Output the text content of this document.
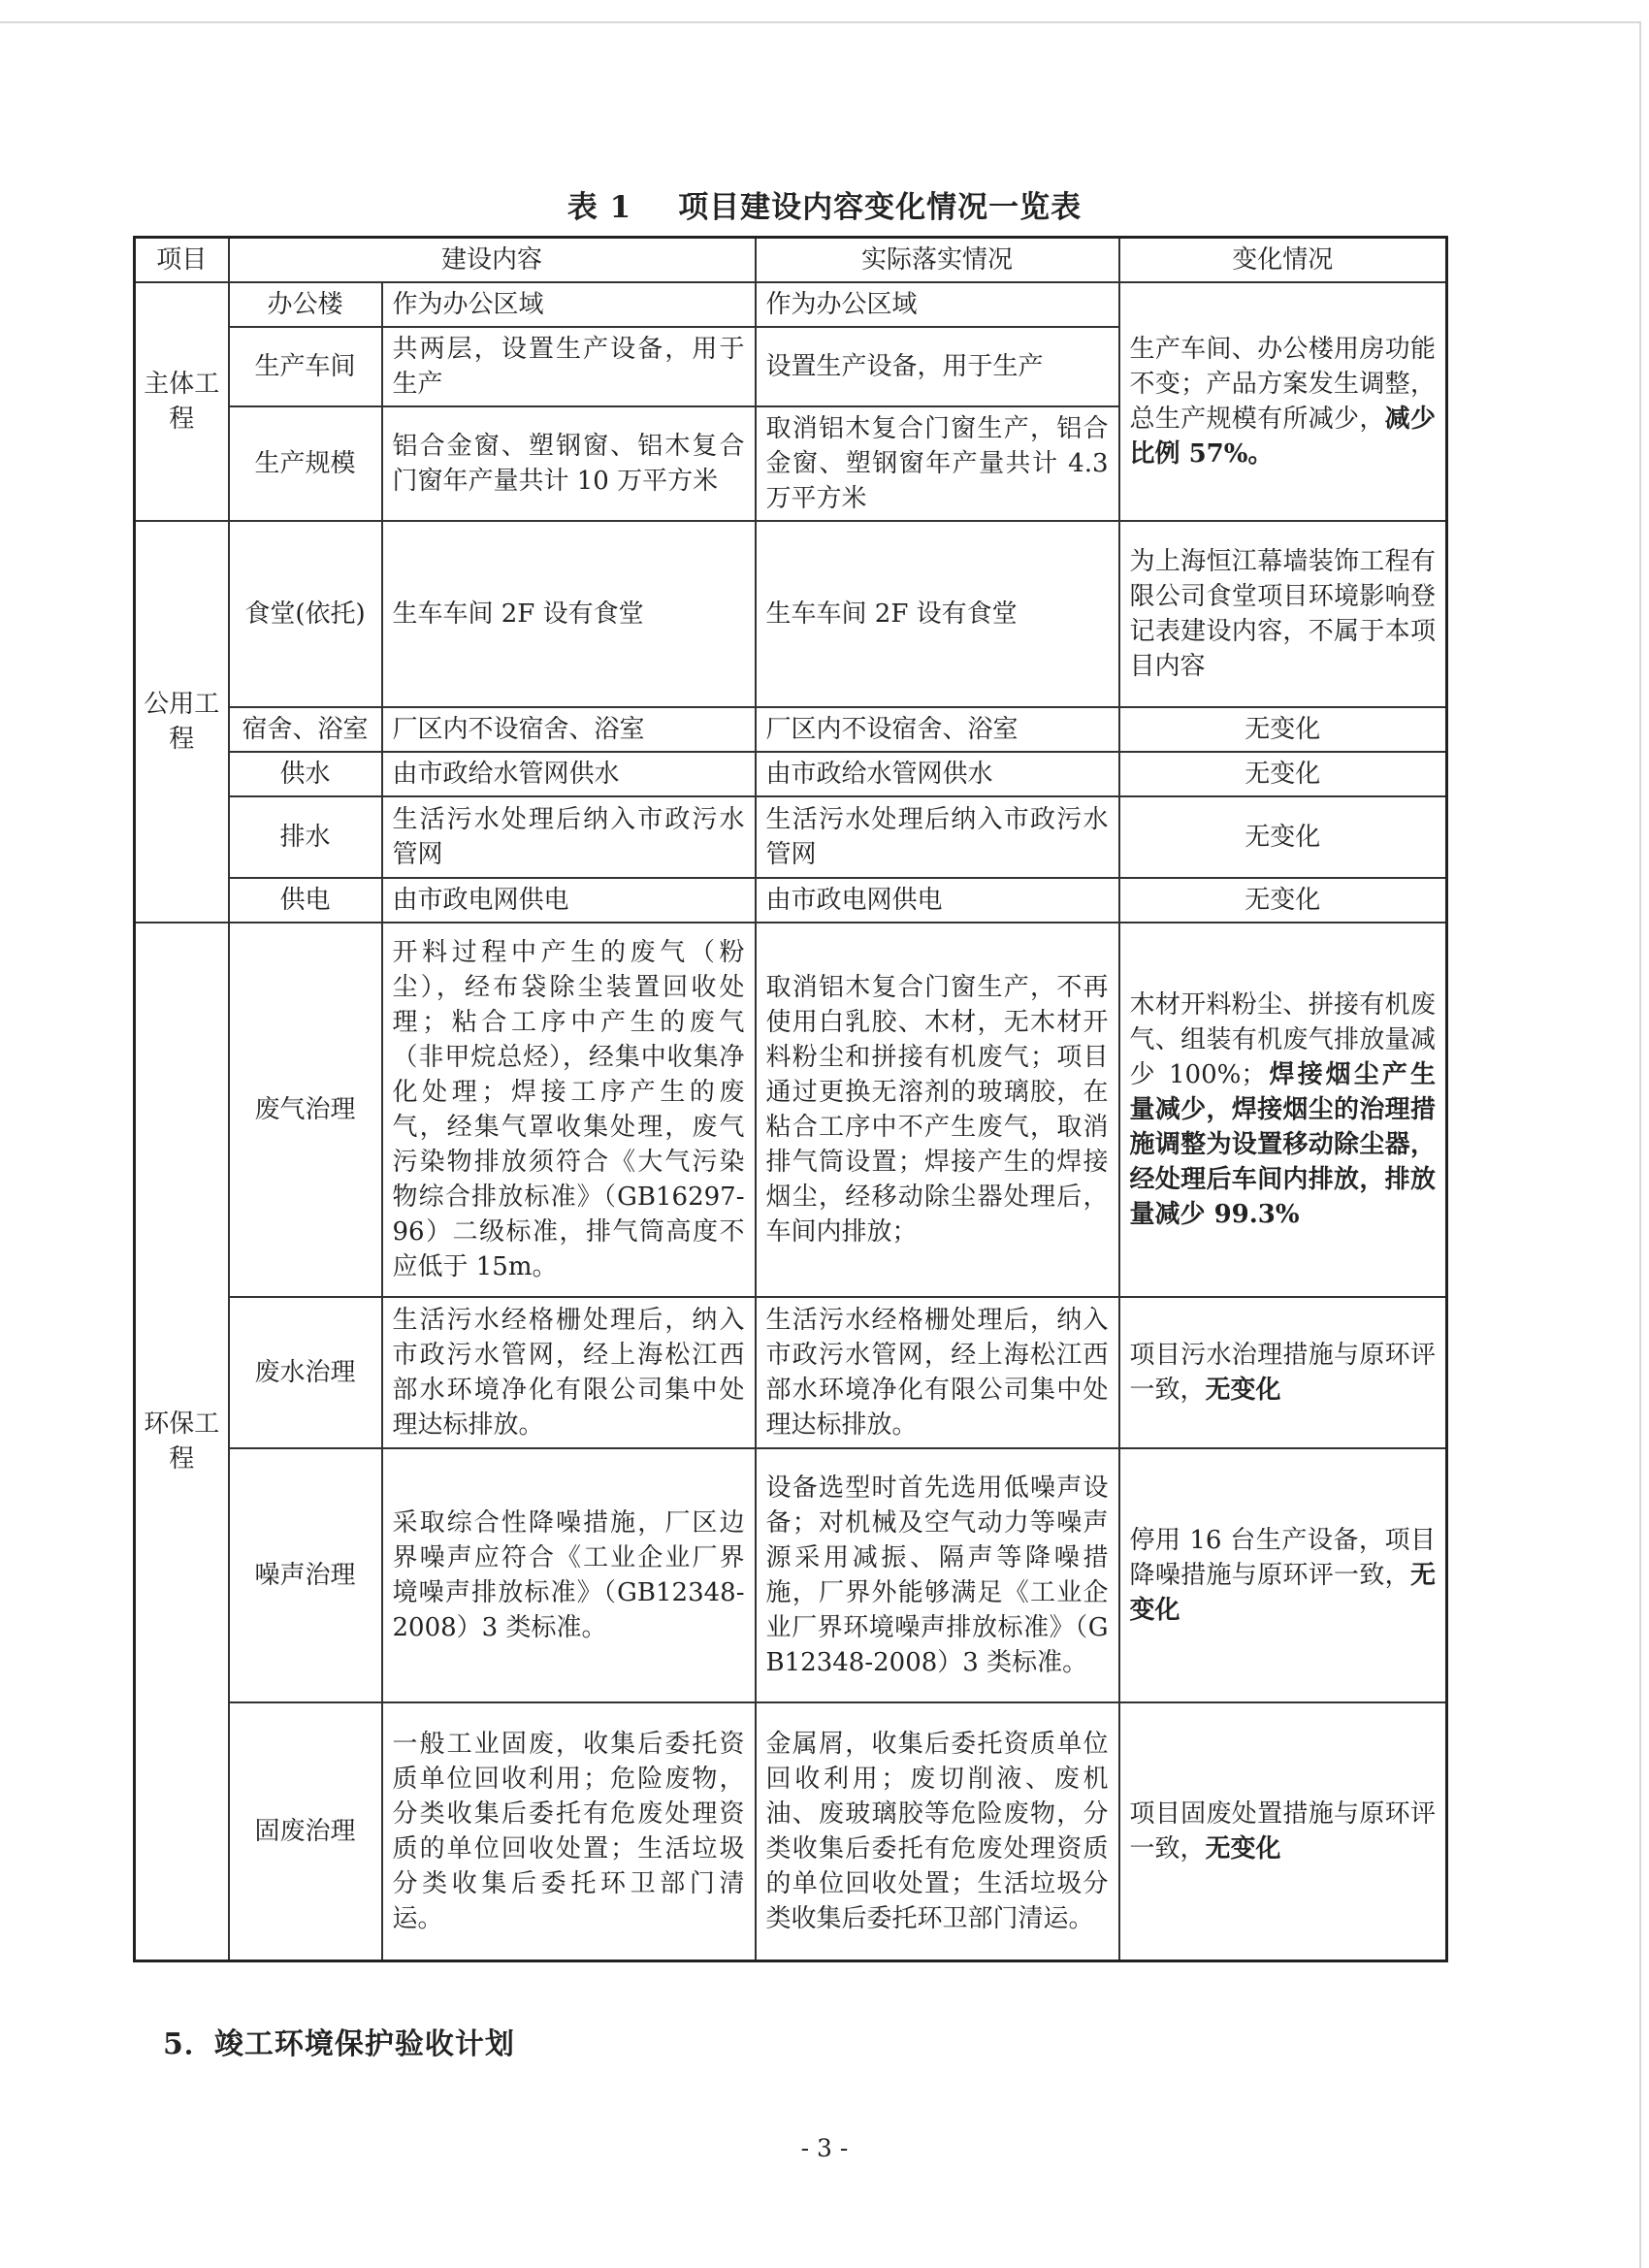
表 1 项目建设内容变化情况一览表
项目	建设内容		实际落实情况	变化情况
主体工程	办公楼	作为办公区域	作为办公区域	生产车间、办公楼用房功能不变；产品方案发生调整，总生产规模有所减少，减少比例 57%。
	生产车间	共两层，设置生产设备，用于生产	设置生产设备，用于生产	
	生产规模	铝合金窗、塑钢窗、铝木复合门窗年产量共计 10 万平方米	取消铝木复合门窗生产，铝合金窗、塑钢窗年产量共计 4.3 万平方米	
公用工程	食堂(依托)	生车车间 2F 设有食堂	生车车间 2F 设有食堂	为上海恒江幕墙装饰工程有限公司食堂项目环境影响登记表建设内容，不属于本项目内容
	宿舍、浴室	厂区内不设宿舍、浴室	厂区内不设宿舍、浴室	无变化
	供水	由市政给水管网供水	由市政给水管网供水	无变化
	排水	生活污水处理后纳入市政污水管网	生活污水处理后纳入市政污水管网	无变化
	供电	由市政电网供电	由市政电网供电	无变化
环保工程	废气治理	开料过程中产生的废气（粉尘），经布袋除尘装置回收处理；粘合工序中产生的废气（非甲烷总烃），经集中收集净化处理；焊接工序产生的废气，经集气罩收集处理，废气污染物排放须符合《大气污染物综合排放标准》（GB16297-96）二级标准，排气筒高度不应低于 15m。	取消铝木复合门窗生产，不再使用白乳胶、木材，无木材开料粉尘和拼接有机废气；项目通过更换无溶剂的玻璃胶，在粘合工序中不产生废气，取消排气筒设置；焊接产生的焊接烟尘，经移动除尘器处理后，车间内排放；	木材开料粉尘、拼接有机废气、组装有机废气排放量减少 100%；焊接烟尘产生量减少，焊接烟尘的治理措施调整为设置移动除尘器，经处理后车间内排放，排放量减少 99.3%
	废水治理	生活污水经格栅处理后，纳入市政污水管网，经上海松江西部水环境净化有限公司集中处理达标排放。	生活污水经格栅处理后，纳入市政污水管网，经上海松江西部水环境净化有限公司集中处理达标排放。	项目污水治理措施与原环评一致，无变化
	噪声治理	采取综合性降噪措施，厂区边界噪声应符合《工业企业厂界境噪声排放标准》（GB12348-2008）3 类标准。	设备选型时首先选用低噪声设备；对机械及空气动力等噪声源采用减振、隔声等降噪措施，厂界外能够满足《工业企业厂界环境噪声排放标准》（GB12348-2008）3 类标准。	停用 16 台生产设备，项目降噪措施与原环评一致，无变化
	固废治理	一般工业固废，收集后委托资质单位回收利用；危险废物，分类收集后委托有危废处理资质的单位回收处置；生活垃圾分类收集后委托环卫部门清运。	金属屑，收集后委托资质单位回收利用；废切削液、废机油、废玻璃胶等危险废物，分类收集后委托有危废处理资质的单位回收处置；生活垃圾分类收集后委托环卫部门清运。	项目固废处置措施与原环评一致，无变化
5．竣工环境保护验收计划
- 3 -
